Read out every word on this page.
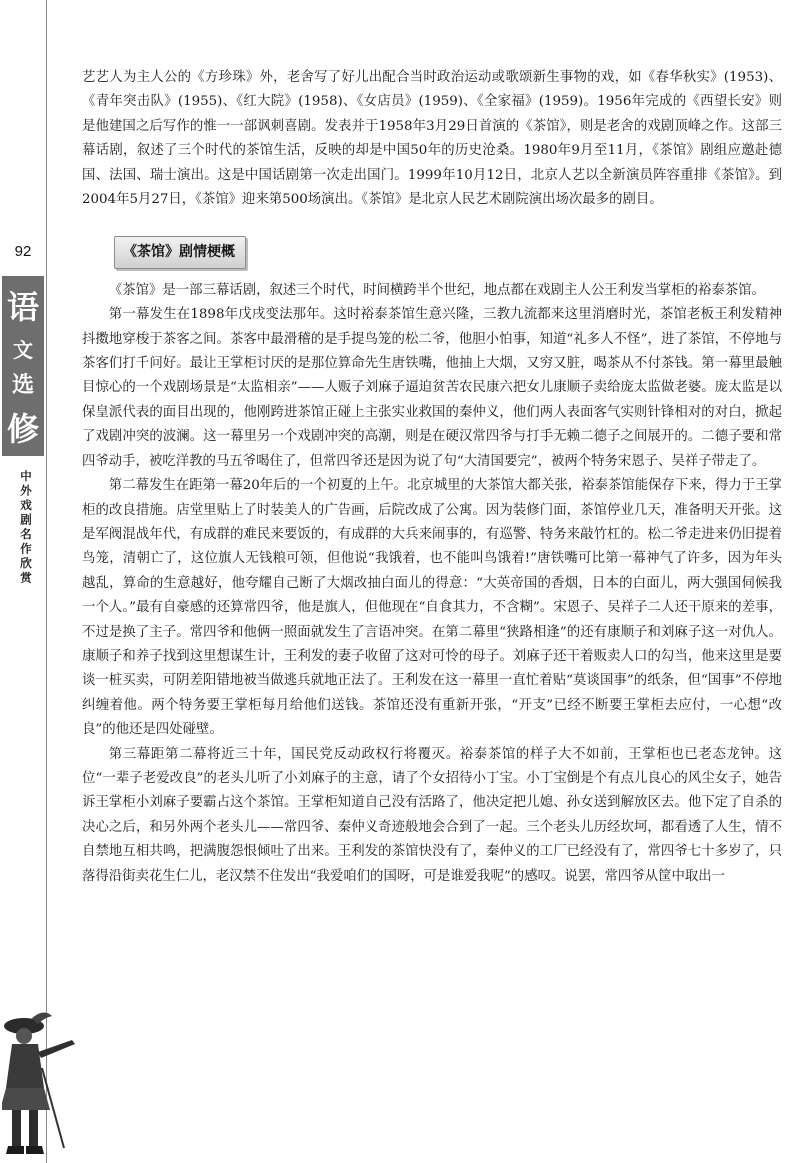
92
语
文
选
修
中外戏剧名作欣赏

艺艺人为主人公的《方珍珠》外，老舍写了好儿出配合当时政治运动或歌颂新生事物的戏，如《春华秋实》(1953)、《青年突击队》(1955)、《红大院》(1958)、《女店员》(1959)、《全家福》(1959)。1956年完成的《西望长安》则是他建国之后写作的惟一一部讽刺喜剧。发表并于1958年3月29日首演的《茶馆》，则是老舍的戏剧顶峰之作。这部三幕话剧，叙述了三个时代的茶馆生活，反映的却是中国50年的历史沧桑。1980年9月至11月，《茶馆》剧组应邀赴德国、法国、瑞士演出。这是中国话剧第一次走出国门。1999年10月12日，北京人艺以全新演员阵容重排《茶馆》。到2004年5月27日，《茶馆》迎来第500场演出。《茶馆》是北京人民艺术剧院演出场次最多的剧目。

《茶馆》剧情梗概

《茶馆》是一部三幕话剧，叙述三个时代，时间横跨半个世纪，地点都在戏剧主人公王利发当掌柜的裕泰茶馆。

第一幕发生在1898年戊戌变法那年。这时裕泰茶馆生意兴隆，三教九流都来这里消磨时光，茶馆老板王利发精神抖擞地穿梭于茶客之间。茶客中最滑稽的是手提鸟笼的松二爷，他胆小怕事，知道“礼多人不怪”，进了茶馆，不停地与茶客们打千问好。最让王掌柜讨厌的是那位算命先生唐铁嘴，他抽上大烟，又穷又脏，喝茶从不付茶钱。第一幕里最触目惊心的一个戏剧场景是“太监相亲”——人贩子刘麻子逼迫贫苦农民康六把女儿康顺子卖给庞太监做老婆。庞太监是以保皇派代表的面目出现的，他刚跨进茶馆正碰上主张实业救国的秦仲义，他们两人表面客气实则针锋相对的对白，掀起了戏剧冲突的波澜。这一幕里另一个戏剧冲突的高潮，则是在硬汉常四爷与打手无赖二德子之间展开的。二德子要和常四爷动手，被吃洋教的马五爷喝住了，但常四爷还是因为说了句“大清国要完”，被两个特务宋恩子、吴祥子带走了。

第二幕发生在距第一幕20年后的一个初夏的上午。北京城里的大茶馆大都关张，裕泰茶馆能保存下来，得力于王掌柜的改良措施。店堂里贴上了时装美人的广告画，后院改成了公寓。因为装修门面，茶馆停业几天，准备明天开张。这是军阀混战年代，有成群的难民来要饭的，有成群的大兵来闹事的，有巡警、特务来敲竹杠的。松二爷走进来仍旧提着鸟笼，清朝亡了，这位旗人无钱粮可领，但他说“我饿着，也不能叫鸟饿着!”唐铁嘴可比第一幕神气了许多，因为年头越乱，算命的生意越好，他夸耀自己断了大烟改抽白面儿的得意：“大英帝国的香烟，日本的白面儿，两大强国伺候我一个人。”最有自豪感的还算常四爷，他是旗人，但他现在“自食其力，不含糊”。宋恩子、吴祥子二人还干原来的差事，不过是换了主子。常四爷和他俩一照面就发生了言语冲突。在第二幕里“狭路相逢”的还有康顺子和刘麻子这一对仇人。康顺子和养子找到这里想谋生计，王利发的妻子收留了这对可怜的母子。刘麻子还干着贩卖人口的勾当，他来这里是要谈一桩买卖，可阴差阳错地被当做逃兵就地正法了。王利发在这一幕里一直忙着贴“莫谈国事”的纸条，但“国事”不停地纠缠着他。两个特务要王掌柜每月给他们送钱。茶馆还没有重新开张，“开支”已经不断要王掌柜去应付，一心想“改良”的他还是四处碰壁。

第三幕距第二幕将近三十年，国民党反动政权行将覆灭。裕泰茶馆的样子大不如前，王掌柜也已老态龙钟。这位“一辈子老爱改良”的老头儿听了小刘麻子的主意，请了个女招待小丁宝。小丁宝倒是个有点儿良心的风尘女子，她告诉王掌柜小刘麻子要霸占这个茶馆。王掌柜知道自己没有活路了，他决定把儿媳、孙女送到解放区去。他下定了自杀的决心之后，和另外两个老头儿——常四爷、秦仲义奇迹般地会合到了一起。三个老头儿历经坎坷，都看透了人生，情不自禁地互相共鸣，把满腹怨恨倾吐了出来。王利发的茶馆快没有了，秦仲义的工厂已经没有了，常四爷七十多岁了，只落得沿街卖花生仁儿，老汉禁不住发出“我爱咱们的国呀，可是谁爱我呢”的感叹。说罢，常四爷从筐中取出一
